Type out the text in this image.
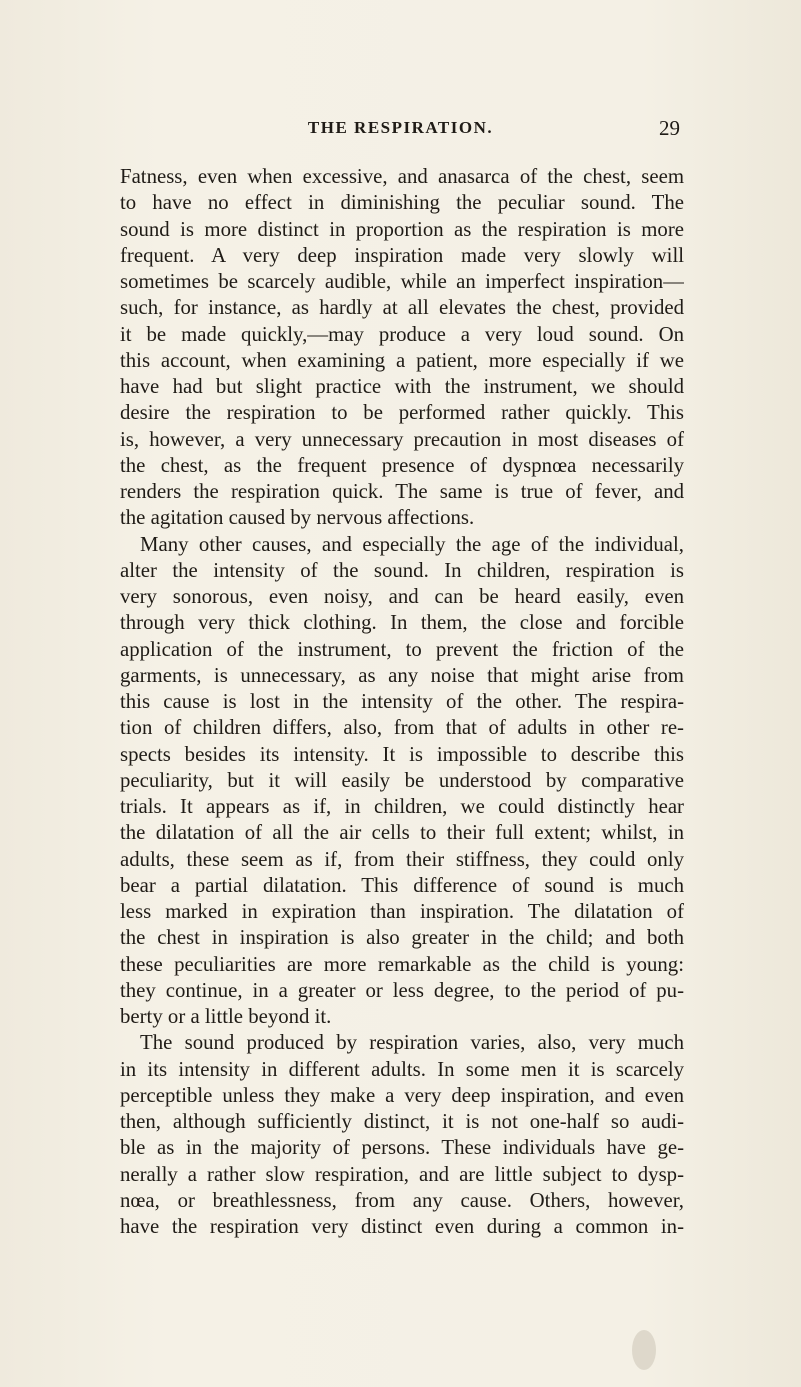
THE RESPIRATION.	29
Fatness, even when excessive, and anasarca of the chest, seem
to have no effect in diminishing the peculiar sound. The
sound is more distinct in proportion as the respiration is more
frequent. A very deep inspiration made very slowly will
sometimes be scarcely audible, while an imperfect inspiration—
such, for instance, as hardly at all elevates the chest, provided
it be made quickly,—may produce a very loud sound. On
this account, when examining a patient, more especially if we
have had but slight practice with the instrument, we should
desire the respiration to be performed rather quickly. This
is, however, a very unnecessary precaution in most diseases of
the chest, as the frequent presence of dyspnœa necessarily
renders the respiration quick. The same is true of fever, and
the agitation caused by nervous affections.
Many other causes, and especially the age of the individual,
alter the intensity of the sound. In children, respiration is
very sonorous, even noisy, and can be heard easily, even
through very thick clothing. In them, the close and forcible
application of the instrument, to prevent the friction of the
garments, is unnecessary, as any noise that might arise from
this cause is lost in the intensity of the other. The respira-
tion of children differs, also, from that of adults in other re-
spects besides its intensity. It is impossible to describe this
peculiarity, but it will easily be understood by comparative
trials. It appears as if, in children, we could distinctly hear
the dilatation of all the air cells to their full extent; whilst, in
adults, these seem as if, from their stiffness, they could only
bear a partial dilatation. This difference of sound is much
less marked in expiration than inspiration. The dilatation of
the chest in inspiration is also greater in the child; and both
these peculiarities are more remarkable as the child is young:
they continue, in a greater or less degree, to the period of pu-
berty or a little beyond it.
The sound produced by respiration varies, also, very much
in its intensity in different adults. In some men it is scarcely
perceptible unless they make a very deep inspiration, and even
then, although sufficiently distinct, it is not one-half so audi-
ble as in the majority of persons. These individuals have ge-
nerally a rather slow respiration, and are little subject to dysp-
nœa, or breathlessness, from any cause. Others, however,
have the respiration very distinct even during a common in-
